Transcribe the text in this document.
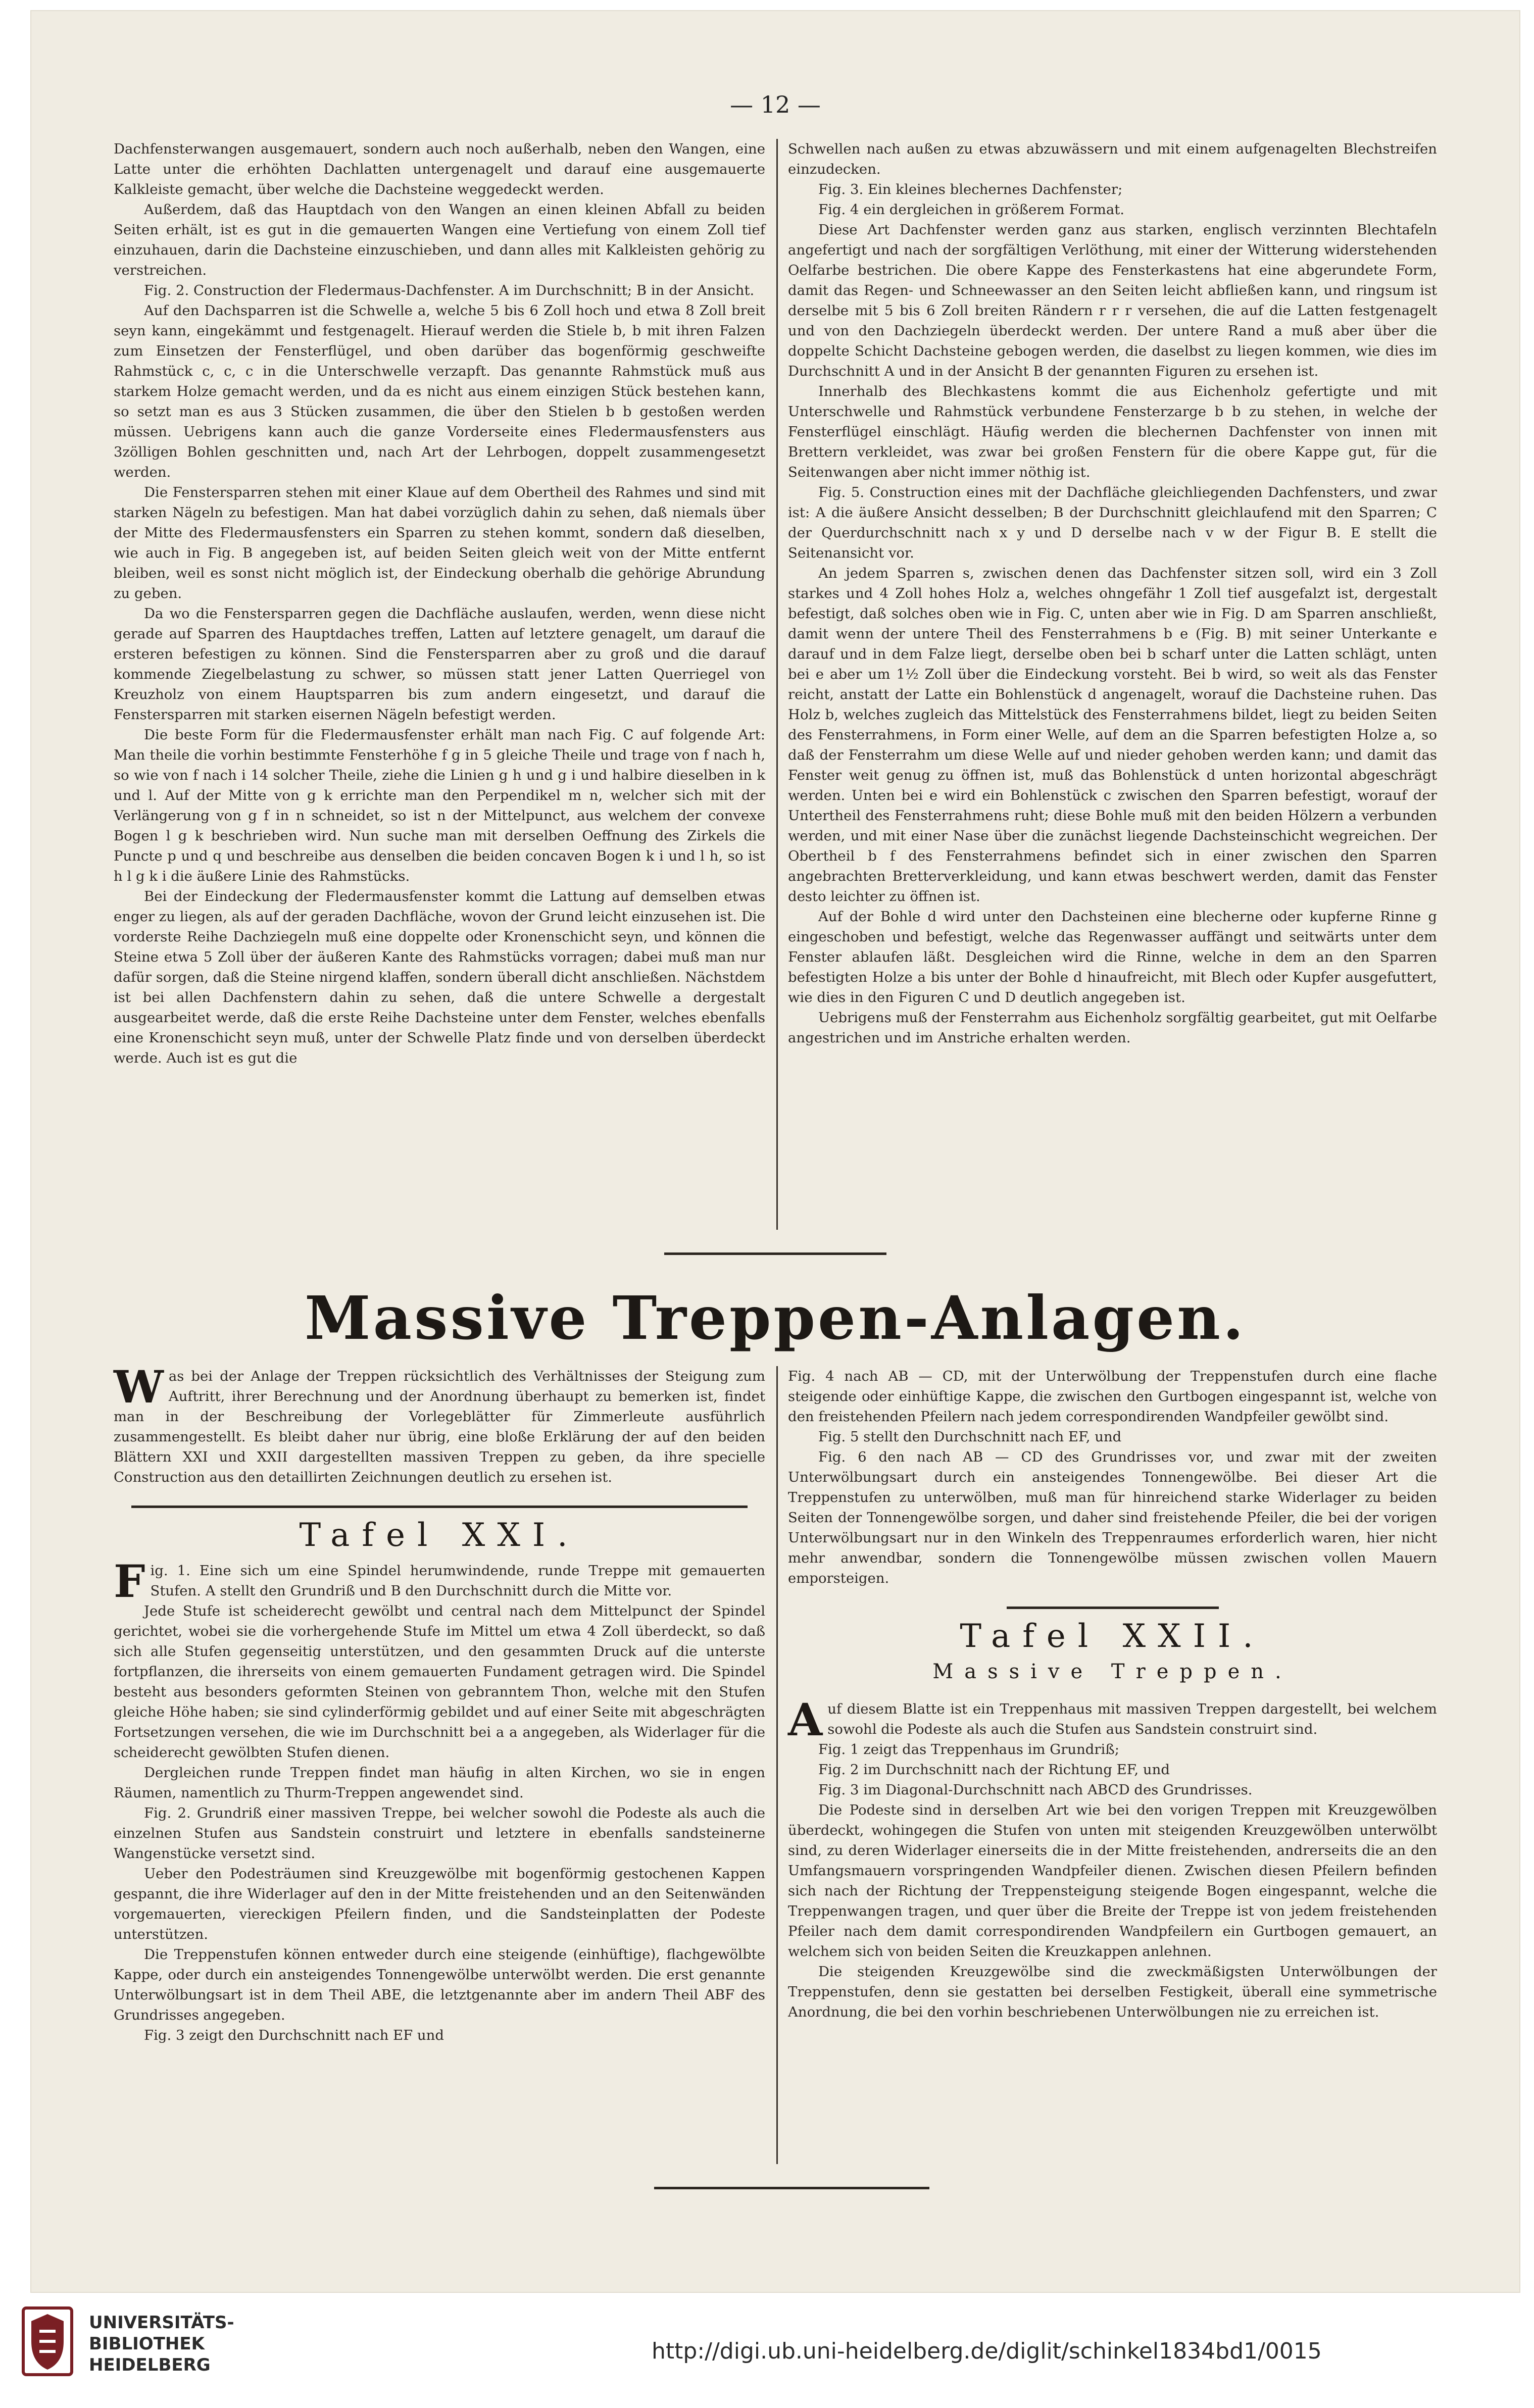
— 12 —

Dachfensterwangen ausgemauert, sondern auch noch außerhalb, neben den Wangen, eine Latte unter die erhöhten Dachlatten untergenagelt und darauf eine ausgemauerte Kalkleiste gemacht, über welche die Dachsteine weggedeckt werden.

Außerdem, daß das Hauptdach von den Wangen an einen kleinen Abfall zu beiden Seiten erhält, ist es gut in die gemauerten Wangen eine Vertiefung von einem Zoll tief einzuhauen, darin die Dachsteine einzuschieben, und dann alles mit Kalkleisten gehörig zu verstreichen.

Fig. 2. Construction der Fledermaus-Dachfenster. A im Durchschnitt; B in der Ansicht.

Auf den Dachsparren ist die Schwelle a, welche 5 bis 6 Zoll hoch und etwa 8 Zoll breit seyn kann, eingekämmt und festgenagelt. Hierauf werden die Stiele b, b mit ihren Falzen zum Einsetzen der Fensterflügel, und oben darüber das bogenförmig geschweifte Rahmstück c, c, c in die Unterschwelle verzapft. Das genannte Rahmstück muß aus starkem Holze gemacht werden, und da es nicht aus einem einzigen Stück bestehen kann, so setzt man es aus 3 Stücken zusammen, die über den Stielen b b gestoßen werden müssen. Uebrigens kann auch die ganze Vorderseite eines Fledermausfensters aus 3zölligen Bohlen geschnitten und, nach Art der Lehrbogen, doppelt zusammengesetzt werden.

Die Fenstersparren stehen mit einer Klaue auf dem Obertheil des Rahmes und sind mit starken Nägeln zu befestigen. Man hat dabei vorzüglich dahin zu sehen, daß niemals über der Mitte des Fledermausfensters ein Sparren zu stehen kommt, sondern daß dieselben, wie auch in Fig. B angegeben ist, auf beiden Seiten gleich weit von der Mitte entfernt bleiben, weil es sonst nicht möglich ist, der Eindeckung oberhalb die gehörige Abrundung zu geben.

Da wo die Fenstersparren gegen die Dachfläche auslaufen, werden, wenn diese nicht gerade auf Sparren des Hauptdaches treffen, Latten auf letztere genagelt, um darauf die ersteren befestigen zu können. Sind die Fenstersparren aber zu groß und die darauf kommende Ziegelbelastung zu schwer, so müssen statt jener Latten Querriegel von Kreuzholz von einem Hauptsparren bis zum andern eingesetzt, und darauf die Fenstersparren mit starken eisernen Nägeln befestigt werden.

Die beste Form für die Fledermausfenster erhält man nach Fig. C auf folgende Art: Man theile die vorhin bestimmte Fensterhöhe f g in 5 gleiche Theile und trage von f nach h, so wie von f nach i 14 solcher Theile, ziehe die Linien g h und g i und halbire dieselben in k und l. Auf der Mitte von g k errichte man den Perpendikel m n, welcher sich mit der Verlängerung von g f in n schneidet, so ist n der Mittelpunct, aus welchem der convexe Bogen l g k beschrieben wird. Nun suche man mit derselben Oeffnung des Zirkels die Puncte p und q und beschreibe aus denselben die beiden concaven Bogen k i und l h, so ist h l g k i die äußere Linie des Rahmstücks.

Bei der Eindeckung der Fledermausfenster kommt die Lattung auf demselben etwas enger zu liegen, als auf der geraden Dachfläche, wovon der Grund leicht einzusehen ist. Die vorderste Reihe Dachziegeln muß eine doppelte oder Kronenschicht seyn, und können die Steine etwa 5 Zoll über der äußeren Kante des Rahmstücks vorragen; dabei muß man nur dafür sorgen, daß die Steine nirgend klaffen, sondern überall dicht anschließen. Nächstdem ist bei allen Dachfenstern dahin zu sehen, daß die untere Schwelle a dergestalt ausgearbeitet werde, daß die erste Reihe Dachsteine unter dem Fenster, welches ebenfalls eine Kronenschicht seyn muß, unter der Schwelle Platz finde und von derselben überdeckt werde. Auch ist es gut die

Schwellen nach außen zu etwas abzuwässern und mit einem aufgenagelten Blechstreifen einzudecken.

Fig. 3. Ein kleines blechernes Dachfenster;

Fig. 4 ein dergleichen in größerem Format.

Diese Art Dachfenster werden ganz aus starken, englisch verzinnten Blechtafeln angefertigt und nach der sorgfältigen Verlöthung, mit einer der Witterung widerstehenden Oelfarbe bestrichen. Die obere Kappe des Fensterkastens hat eine abgerundete Form, damit das Regen- und Schneewasser an den Seiten leicht abfließen kann, und ringsum ist derselbe mit 5 bis 6 Zoll breiten Rändern r r r versehen, die auf die Latten festgenagelt und von den Dachziegeln überdeckt werden. Der untere Rand a muß aber über die doppelte Schicht Dachsteine gebogen werden, die daselbst zu liegen kommen, wie dies im Durchschnitt A und in der Ansicht B der genannten Figuren zu ersehen ist.

Innerhalb des Blechkastens kommt die aus Eichenholz gefertigte und mit Unterschwelle und Rahmstück verbundene Fensterzarge b b zu stehen, in welche der Fensterflügel einschlägt. Häufig werden die blechernen Dachfenster von innen mit Brettern verkleidet, was zwar bei großen Fenstern für die obere Kappe gut, für die Seitenwangen aber nicht immer nöthig ist.

Fig. 5. Construction eines mit der Dachfläche gleichliegenden Dachfensters, und zwar ist: A die äußere Ansicht desselben; B der Durchschnitt gleichlaufend mit den Sparren; C der Querdurchschnitt nach x y und D derselbe nach v w der Figur B. E stellt die Seitenansicht vor.

An jedem Sparren s, zwischen denen das Dachfenster sitzen soll, wird ein 3 Zoll starkes und 4 Zoll hohes Holz a, welches ohngefähr 1 Zoll tief ausgefalzt ist, dergestalt befestigt, daß solches oben wie in Fig. C, unten aber wie in Fig. D am Sparren anschließt, damit wenn der untere Theil des Fensterrahmens b e (Fig. B) mit seiner Unterkante e darauf und in dem Falze liegt, derselbe oben bei b scharf unter die Latten schlägt, unten bei e aber um 1½ Zoll über die Eindeckung vorsteht. Bei b wird, so weit als das Fenster reicht, anstatt der Latte ein Bohlenstück d angenagelt, worauf die Dachsteine ruhen. Das Holz b, welches zugleich das Mittelstück des Fensterrahmens bildet, liegt zu beiden Seiten des Fensterrahmens, in Form einer Welle, auf dem an die Sparren befestigten Holze a, so daß der Fensterrahm um diese Welle auf und nieder gehoben werden kann; und damit das Fenster weit genug zu öffnen ist, muß das Bohlenstück d unten horizontal abgeschrägt werden. Unten bei e wird ein Bohlenstück c zwischen den Sparren befestigt, worauf der Untertheil des Fensterrahmens ruht; diese Bohle muß mit den beiden Hölzern a verbunden werden, und mit einer Nase über die zunächst liegende Dachsteinschicht wegreichen. Der Obertheil b f des Fensterrahmens befindet sich in einer zwischen den Sparren angebrachten Bretterverkleidung, und kann etwas beschwert werden, damit das Fenster desto leichter zu öffnen ist.

Auf der Bohle d wird unter den Dachsteinen eine blecherne oder kupferne Rinne g eingeschoben und befestigt, welche das Regenwasser auffängt und seitwärts unter dem Fenster ablaufen läßt. Desgleichen wird die Rinne, welche in dem an den Sparren befestigten Holze a bis unter der Bohle d hinaufreicht, mit Blech oder Kupfer ausgefuttert, wie dies in den Figuren C und D deutlich angegeben ist.

Uebrigens muß der Fensterrahm aus Eichenholz sorgfältig gearbeitet, gut mit Oelfarbe angestrichen und im Anstriche erhalten werden.

Massive Treppen-Anlagen.

W as bei der Anlage der Treppen rücksichtlich des Verhältnisses der Steigung zum Auftritt, ihrer Berechnung und der Anordnung überhaupt zu bemerken ist, findet man in der Beschreibung der Vorlegeblätter für Zimmerleute ausführlich zusammengestellt. Es bleibt daher nur übrig, eine bloße Erklärung der auf den beiden Blättern XXI und XXII dargestellten massiven Treppen zu geben, da ihre specielle Construction aus den detaillirten Zeichnungen deutlich zu ersehen ist.

Tafel XXI.

F ig. 1. Eine sich um eine Spindel herumwindende, runde Treppe mit gemauerten Stufen. A stellt den Grundriß und B den Durchschnitt durch die Mitte vor.

Jede Stufe ist scheiderecht gewölbt und central nach dem Mittelpunct der Spindel gerichtet, wobei sie die vorhergehende Stufe im Mittel um etwa 4 Zoll überdeckt, so daß sich alle Stufen gegenseitig unterstützen, und den gesammten Druck auf die unterste fortpflanzen, die ihrerseits von einem gemauerten Fundament getragen wird. Die Spindel besteht aus besonders geformten Steinen von gebranntem Thon, welche mit den Stufen gleiche Höhe haben; sie sind cylinderförmig gebildet und auf einer Seite mit abgeschrägten Fortsetzungen versehen, die wie im Durchschnitt bei a a angegeben, als Widerlager für die scheiderecht gewölbten Stufen dienen.

Dergleichen runde Treppen findet man häufig in alten Kirchen, wo sie in engen Räumen, namentlich zu Thurm-Treppen angewendet sind.

Fig. 2. Grundriß einer massiven Treppe, bei welcher sowohl die Podeste als auch die einzelnen Stufen aus Sandstein construirt und letztere in ebenfalls sandsteinerne Wangenstücke versetzt sind.

Ueber den Podesträumen sind Kreuzgewölbe mit bogenförmig gestochenen Kappen gespannt, die ihre Widerlager auf den in der Mitte freistehenden und an den Seitenwänden vorgemauerten, viereckigen Pfeilern finden, und die Sandsteinplatten der Podeste unterstützen.

Die Treppenstufen können entweder durch eine steigende (einhüftige), flachgewölbte Kappe, oder durch ein ansteigendes Tonnengewölbe unterwölbt werden. Die erst genannte Unterwölbungsart ist in dem Theil ABE, die letztgenannte aber im andern Theil ABF des Grundrisses angegeben.

Fig. 3 zeigt den Durchschnitt nach EF und

Fig. 4 nach AB — CD, mit der Unterwölbung der Treppenstufen durch eine flache steigende oder einhüftige Kappe, die zwischen den Gurtbogen eingespannt ist, welche von den freistehenden Pfeilern nach jedem correspondirenden Wandpfeiler gewölbt sind.

Fig. 5 stellt den Durchschnitt nach EF, und

Fig. 6 den nach AB — CD des Grundrisses vor, und zwar mit der zweiten Unterwölbungsart durch ein ansteigendes Tonnengewölbe. Bei dieser Art die Treppenstufen zu unterwölben, muß man für hinreichend starke Widerlager zu beiden Seiten der Tonnengewölbe sorgen, und daher sind freistehende Pfeiler, die bei der vorigen Unterwölbungsart nur in den Winkeln des Treppenraumes erforderlich waren, hier nicht mehr anwendbar, sondern die Tonnengewölbe müssen zwischen vollen Mauern emporsteigen.

Tafel XXII.
Massive Treppen.

A uf diesem Blatte ist ein Treppenhaus mit massiven Treppen dargestellt, bei welchem sowohl die Podeste als auch die Stufen aus Sandstein construirt sind.

Fig. 1 zeigt das Treppenhaus im Grundriß;

Fig. 2 im Durchschnitt nach der Richtung EF, und

Fig. 3 im Diagonal-Durchschnitt nach ABCD des Grundrisses.

Die Podeste sind in derselben Art wie bei den vorigen Treppen mit Kreuzgewölben überdeckt, wohingegen die Stufen von unten mit steigenden Kreuzgewölben unterwölbt sind, zu deren Widerlager einerseits die in der Mitte freistehenden, andrerseits die an den Umfangsmauern vorspringenden Wandpfeiler dienen. Zwischen diesen Pfeilern befinden sich nach der Richtung der Treppensteigung steigende Bogen eingespannt, welche die Treppenwangen tragen, und quer über die Breite der Treppe ist von jedem freistehenden Pfeiler nach dem damit correspondirenden Wandpfeilern ein Gurtbogen gemauert, an welchem sich von beiden Seiten die Kreuzkappen anlehnen.

Die steigenden Kreuzgewölbe sind die zweckmäßigsten Unterwölbungen der Treppenstufen, denn sie gestatten bei derselben Festigkeit, überall eine symmetrische Anordnung, die bei den vorhin beschriebenen Unterwölbungen nie zu erreichen ist.

UNIVERSITÄTS-
BIBLIOTHEK
HEIDELBERG
http://digi.ub.uni-heidelberg.de/diglit/schinkel1834bd1/0015
